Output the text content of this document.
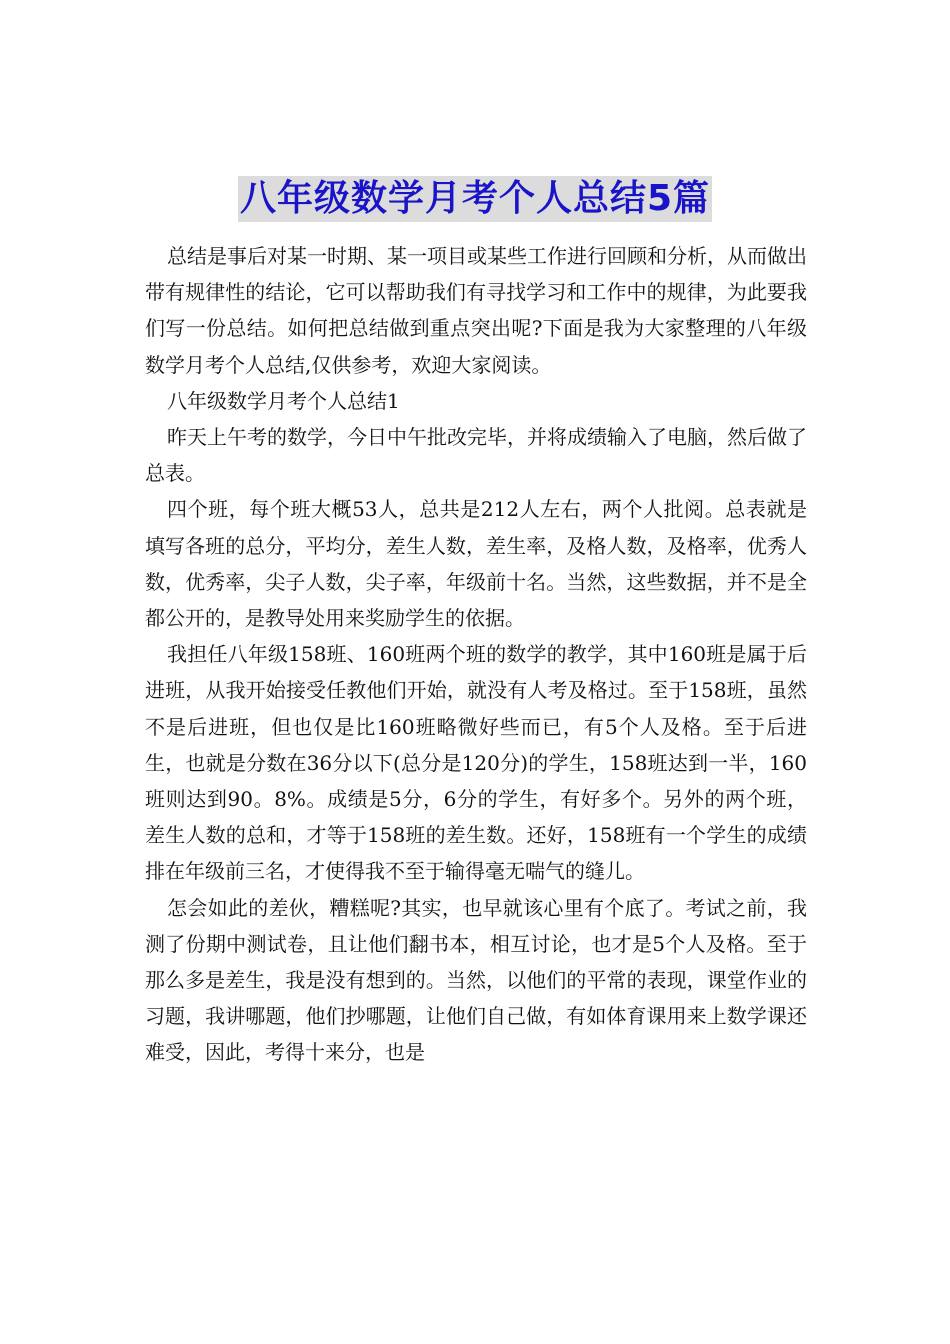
八年级数学月考个人总结5篇

总结是事后对某一时期、某一项目或某些工作进行回顾和分析，从而做出带有规律性的结论，它可以帮助我们有寻找学习和工作中的规律，为此要我们写一份总结。如何把总结做到重点突出呢?下面是我为大家整理的八年级数学月考个人总结,仅供参考，欢迎大家阅读。

八年级数学月考个人总结1

昨天上午考的数学，今日中午批改完毕，并将成绩输入了电脑，然后做了总表。

四个班，每个班大概53人，总共是212人左右，两个人批阅。总表就是填写各班的总分，平均分，差生人数，差生率，及格人数，及格率，优秀人数，优秀率，尖子人数，尖子率，年级前十名。当然，这些数据，并不是全都公开的，是教导处用来奖励学生的依据。

我担任八年级158班、160班两个班的数学的教学，其中160班是属于后进班，从我开始接受任教他们开始，就没有人考及格过。至于158班，虽然不是后进班，但也仅是比160班略微好些而已，有5个人及格。至于后进生，也就是分数在36分以下(总分是120分)的学生，158班达到一半，160班则达到90。8%。成绩是5分，6分的学生，有好多个。另外的两个班，差生人数的总和，才等于158班的差生数。还好，158班有一个学生的成绩排在年级前三名，才使得我不至于输得毫无喘气的缝儿。

怎会如此的差伙，糟糕呢?其实，也早就该心里有个底了。考试之前，我测了份期中测试卷，且让他们翻书本，相互讨论，也才是5个人及格。至于那么多是差生，我是没有想到的。当然，以他们的平常的表现，课堂作业的习题，我讲哪题，他们抄哪题，让他们自己做，有如体育课用来上数学课还难受，因此，考得十来分，也是
